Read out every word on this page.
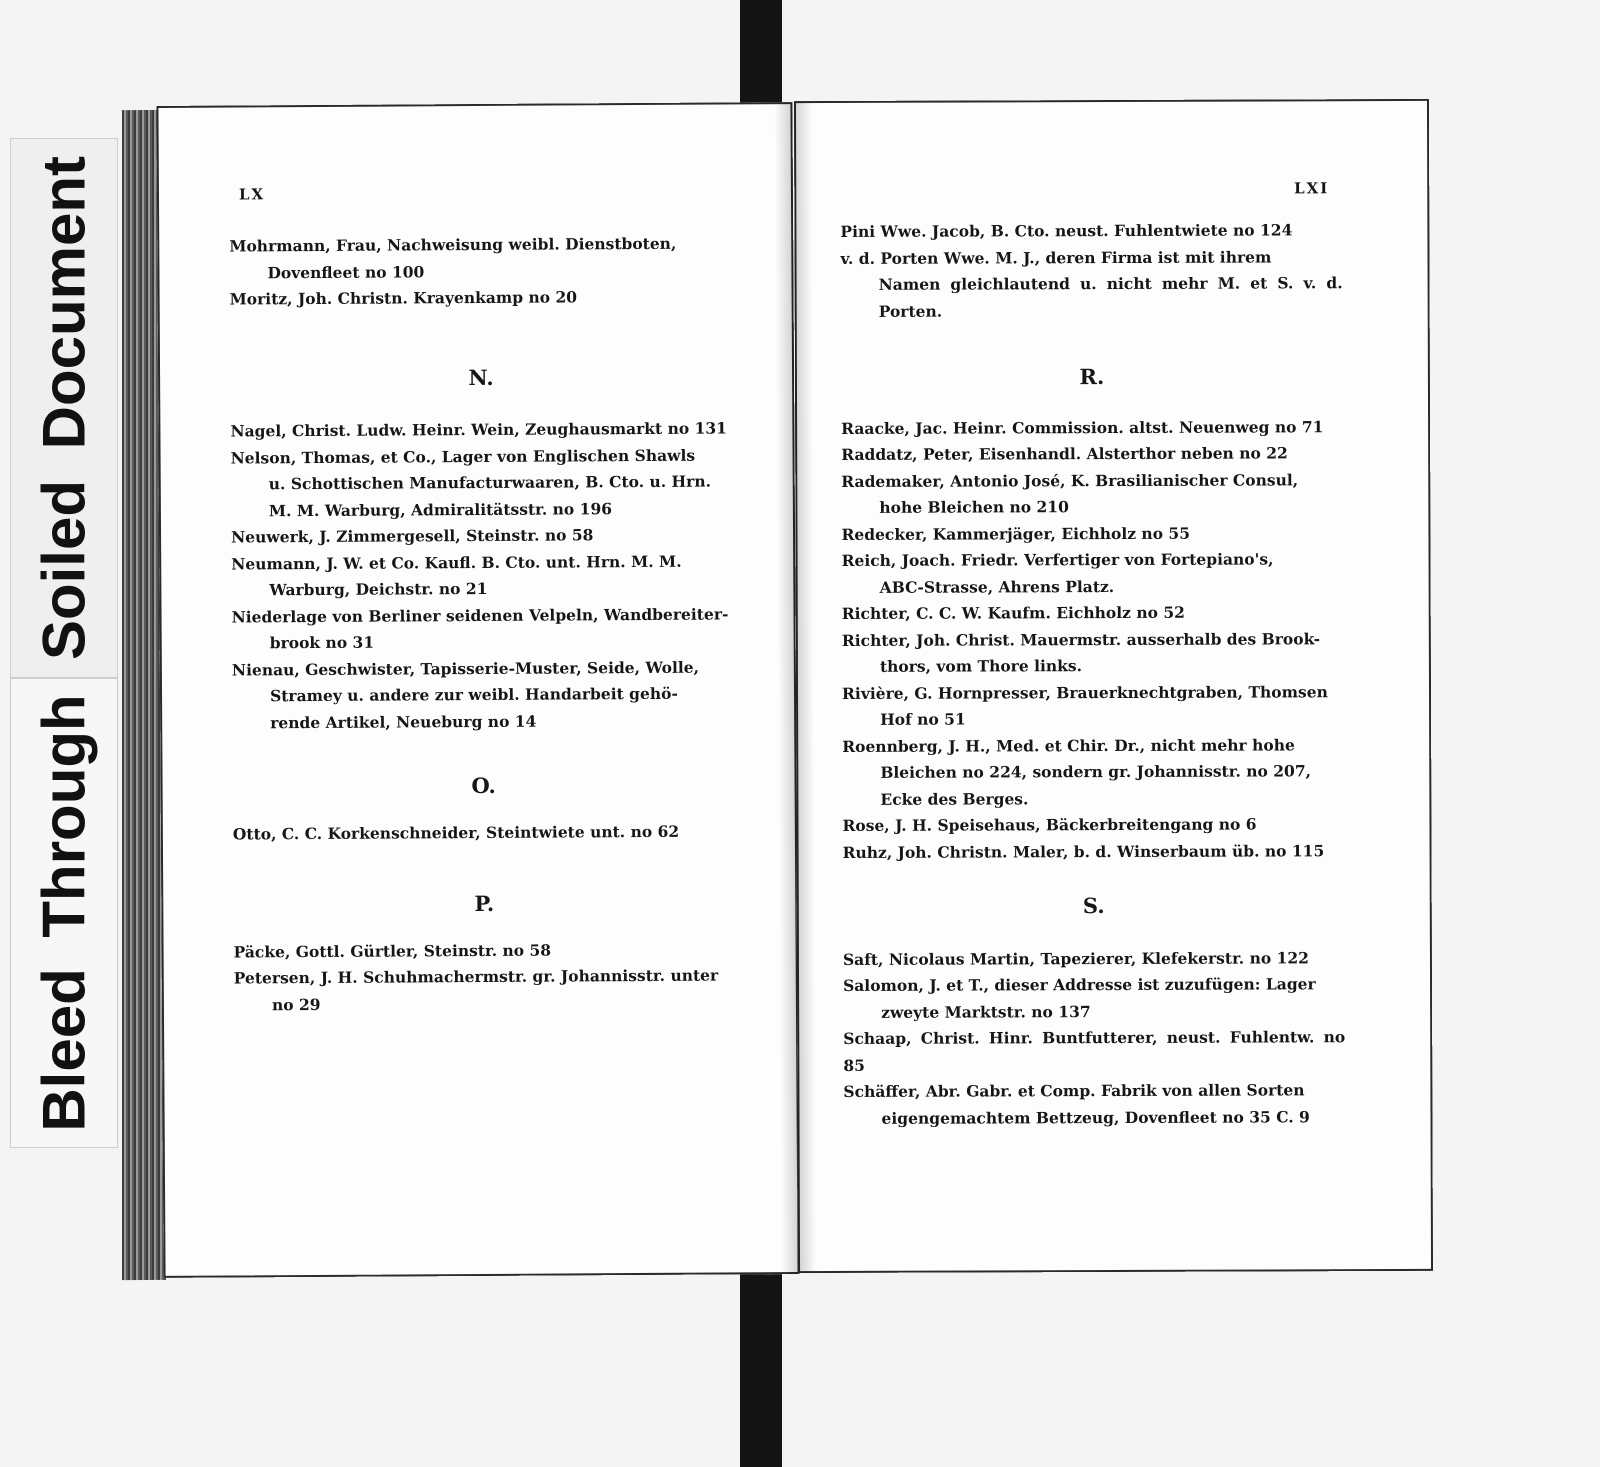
Soiled Document
Bleed Through
LX
Mohrmann, Frau, Nachweisung weibl. Dienstboten,
Dovenfleet no 100
Moritz, Joh. Christn. Krayenkamp no 20
N.
Nagel, Christ. Ludw. Heinr. Wein, Zeughausmarkt no 131
Nelson, Thomas, et Co., Lager von Englischen Shawls
u. Schottischen Manufacturwaaren, B. Cto. u. Hrn.
M. M. Warburg, Admiralitätsstr. no 196
Neuwerk, J. Zimmergesell, Steinstr. no 58
Neumann, J. W. et Co. Kaufl. B. Cto. unt. Hrn. M. M.
Warburg, Deichstr. no 21
Niederlage von Berliner seidenen Velpeln, Wandbereiter-
brook no 31
Nienau, Geschwister, Tapisserie-Muster, Seide, Wolle,
Stramey u. andere zur weibl. Handarbeit gehö-
rende Artikel, Neueburg no 14
O.
Otto, C. C. Korkenschneider, Steintwiete unt. no 62
P.
Päcke, Gottl. Gürtler, Steinstr. no 58
Petersen, J. H. Schuhmachermstr. gr. Johannisstr. unter
no 29
LXI
Pini Wwe. Jacob, B. Cto. neust. Fuhlentwiete no 124
v. d. Porten Wwe. M. J., deren Firma ist mit ihrem
Namen gleichlautend u. nicht mehr M. et S. v. d. Porten.
R.
Raacke, Jac. Heinr. Commission. altst. Neuenweg no 71
Raddatz, Peter, Eisenhandl. Alsterthor neben no 22
Rademaker, Antonio José, K. Brasilianischer Consul,
hohe Bleichen no 210
Redecker, Kammerjäger, Eichholz no 55
Reich, Joach. Friedr. Verfertiger von Fortepiano's,
ABC-Strasse, Ahrens Platz.
Richter, C. C. W. Kaufm. Eichholz no 52
Richter, Joh. Christ. Mauermstr. ausserhalb des Brook-
thors, vom Thore links.
Rivière, G. Hornpresser, Brauerknechtgraben, Thomsen
Hof no 51
Roennberg, J. H., Med. et Chir. Dr., nicht mehr hohe
Bleichen no 224, sondern gr. Johannisstr. no 207,
Ecke des Berges.
Rose, J. H. Speisehaus, Bäckerbreitengang no 6
Ruhz, Joh. Christn. Maler, b. d. Winserbaum üb. no 115
S.
Saft, Nicolaus Martin, Tapezierer, Klefekerstr. no 122
Salomon, J. et T., dieser Addresse ist zuzufügen: Lager
zweyte Marktstr. no 137
Schaap, Christ. Hinr. Buntfutterer, neust. Fuhlentw. no 85
Schäffer, Abr. Gabr. et Comp. Fabrik von allen Sorten
eigengemachtem Bettzeug, Dovenfleet no 35 C. 9
